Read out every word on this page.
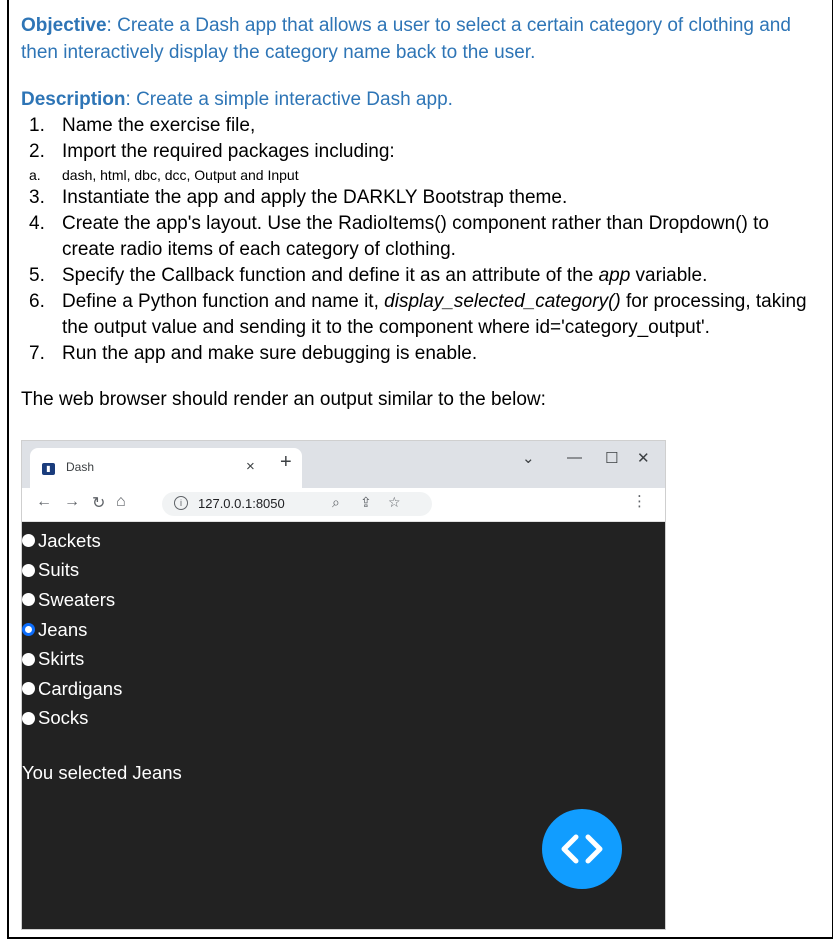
Objective: Create a Dash app that allows a user to select a certain category of clothing and then interactively display the category name back to the user.

Description: Create a simple interactive Dash app.

1. Name the exercise file,
2. Import the required packages including:
a. dash, html, dbc, dcc, Output and Input
3. Instantiate the app and apply the DARKLY Bootstrap theme.
4. Create the app's layout. Use the RadioItems() component rather than Dropdown() to create radio items of each category of clothing.
5. Specify the Callback function and define it as an attribute of the app variable.
6. Define a Python function and name it, display_selected_category() for processing, taking the output value and sending it to the component where id='category_output'.
7. Run the app and make sure debugging is enable.
The web browser should render an output similar to the below:
▮	Dash	× +	⌄ — ☐ ✕
← → ↻ ⌂	i	127.0.0.1:8050	⌕ ⇪ ☆	⋮
Jackets
Suits
Sweaters
Jeans
Skirts
Cardigans
Socks
You selected Jeans
